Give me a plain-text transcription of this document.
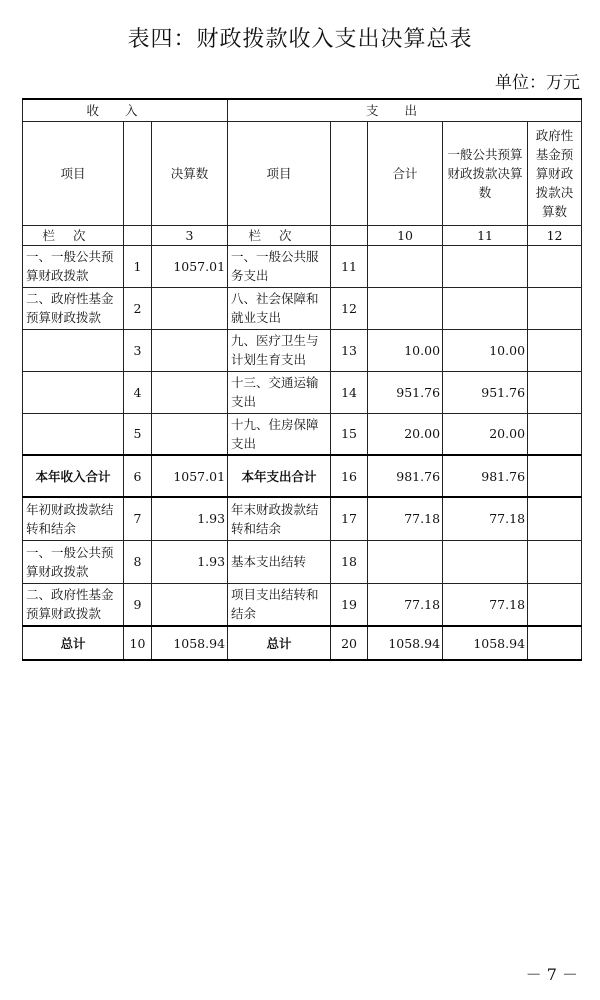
表四：财政拨款收入支出决算总表
单位：万元
收入			支出				
项目		决算数	项目		合计	一般公共预算财政拨款决算数	政府性基金预算财政拨款决算数
栏次		3	栏次		10	11	12
一、一般公共预算财政拨款	1	1057.01	一、一般公共服务支出	11			
二、政府性基金预算财政拨款	2		八、社会保障和就业支出	12			
	3		九、医疗卫生与计划生育支出	13	10.00	10.00	
	4		十三、交通运输支出	14	951.76	951.76	
	5		十九、住房保障支出	15	20.00	20.00	
本年收入合计	6	1057.01	本年支出合计	16	981.76	981.76	
年初财政拨款结转和结余	7	1.93	年末财政拨款结转和结余	17	77.18	77.18	
一、一般公共预算财政拨款	8	1.93	基本支出结转	18			
二、政府性基金预算财政拨款	9		项目支出结转和结余	19	77.18	77.18	
总计	10	1058.94	总计	20	1058.94	1058.94	
－ 7 －
